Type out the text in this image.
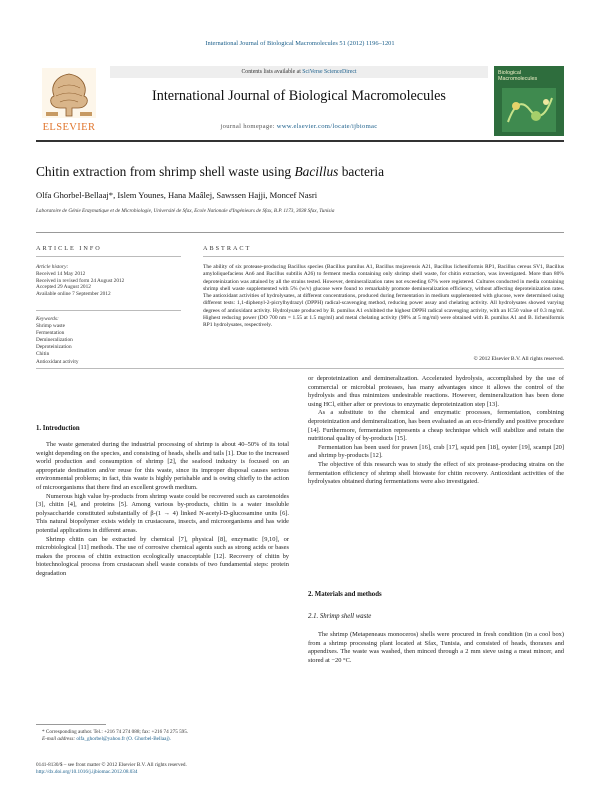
International Journal of Biological Macromolecules 51 (2012) 1196–1201
ELSEVIER
Contents lists available at SciVerse ScienceDirect
International Journal of Biological Macromolecules
journal homepage: www.elsevier.com/locate/ijbiomac
Biological Macromolecules
Chitin extraction from shrimp shell waste using Bacillus bacteria
Olfa Ghorbel-Bellaaj*, Islem Younes, Hana Maâlej, Sawssen Hajji, Moncef Nasri
Laboratoire de Génie Enzymatique et de Microbiologie, Université de Sfax, Ecole Nationale d'Ingénieurs de Sfax, B.P. 1173, 3038 Sfax, Tunisia
ARTICLE INFO
Article history:
Received 14 May 2012
Received in revised form 24 August 2012
Accepted 29 August 2012
Available online 7 September 2012
Keywords:
Shrimp waste
Fermentation
Demineralization
Deproteinization
Chitin
Antioxidant activity
ABSTRACT
The ability of six protease-producing Bacillus species (Bacillus pumilus A1, Bacillus mojavensis A21, Bacillus licheniformis RP1, Bacillus cereus SV1, Bacillus amyloliquefaciens An6 and Bacillus subtilis A26) to ferment media containing only shrimp shell waste, for chitin extraction, was investigated. More than 80% deproteinization was attained by all the strains tested. However, demineralization rates not exceeding 67% were registered. Cultures conducted in media containing shrimp shell waste supplemented with 5% (w/v) glucose were found to remarkably promote demineralization efficiency, without affecting deproteinization rates. The antioxidant activities of hydrolysates, at different concentrations, produced during fermentation in medium supplemented with glucose, were determined using different tests: 1,1-diphenyl-2-picrylhydrazyl (DPPH) radical-scavenging method, reducing power assay and chelating activity. All hydrolysates showed varying degrees of antioxidant activity. Hydrolysate produced by B. pumilus A1 exhibited the highest DPPH radical scavenging activity, with an IC50 value of 0.3 mg/ml. Highest reducing power (DO 700 nm = 1.55 at 1.5 mg/ml) and metal chelating activity (98% at 5 mg/ml) were obtained with B. pumilus A1 and B. licheniformis RP1 hydrolysates, respectively.
© 2012 Elsevier B.V. All rights reserved.
1. Introduction

The waste generated during the industrial processing of shrimp is about 40–50% of its total weight depending on the species, and consisting of heads, shells and tails [1]. Due to the increased world production and consumption of shrimp [2], the seafood industry is focused on an appropriate destination and/or reuse for this waste, since its improper disposal causes serious environmental problems; in fact, this waste is highly perishable and is owing chiefly to the action of microorganisms that there find an excellent growth medium.

Numerous high value by-products from shrimp waste could be recovered such as carotenoides [3], chitin [4], and proteins [5]. Among various by-products, chitin is a water insoluble polysaccharide constituted substantially of β-(1 → 4) linked N-acetyl-D-glucosamine units [6]. This natural biopolymer exists widely in crustaceans, insects, and microorganisms and has wide potential applications in different areas.

Shrimp chitin can be extracted by chemical [7], physical [8], enzymatic [9,10], or microbiological [11] methods. The use of corrosive chemical agents such as strong acids or bases makes the process of chitin extraction ecologically unacceptable [12]. Recovery of chitin by biotechnological process from crustacean shell waste consists of two fundamental steps: protein degradation

or deproteinization and demineralization. Accelerated hydrolysis, accomplished by the use of commercial or microbial proteases, has many advantages since it allows the control of the hydrolysis and thus minimizes undesirable reactions. However, demineralization has been done using HCl, either after or previous to enzymatic deproteinization step [13].

As a substitute to the chemical and enzymatic processes, fermentation, combining deproteinization and demineralization, has been evaluated as an eco-friendly and positive procedure [14]. Furthermore, fermentation represents a cheap technique which will stabilize and retain the nutritional quality of by-products [15].

Fermentation has been used for prawn [16], crab [17], squid pen [18], oyster [19], scampi [20] and shrimp by-products [12].

The objective of this research was to study the effect of six protease-producing strains on the fermentation efficiency of shrimp shell biowaste for chitin recovery. Antioxidant activities of the hydrolysates obtained during fermentations were also investigated.

2. Materials and methods
2.1. Shrimp shell waste

The shrimp (Metapeneaus monoceros) shells were procured in fresh condition (in a cool box) from a shrimp processing plant located at Sfax, Tunisia, and consisted of heads, thoraxes and appendixes. The waste was washed, then minced through a 2 mm sieve using a meat mincer, and stored at −20 °C.

* Corresponding author. Tel.: +216 74 274 088; fax: +216 74 275 595.
E-mail address: olfa_ghorbel@yahoo.fr (O. Ghorbel-Bellaaj).
0141-8130/$ – see front matter © 2012 Elsevier B.V. All rights reserved.
http://dx.doi.org/10.1016/j.ijbiomac.2012.08.034
